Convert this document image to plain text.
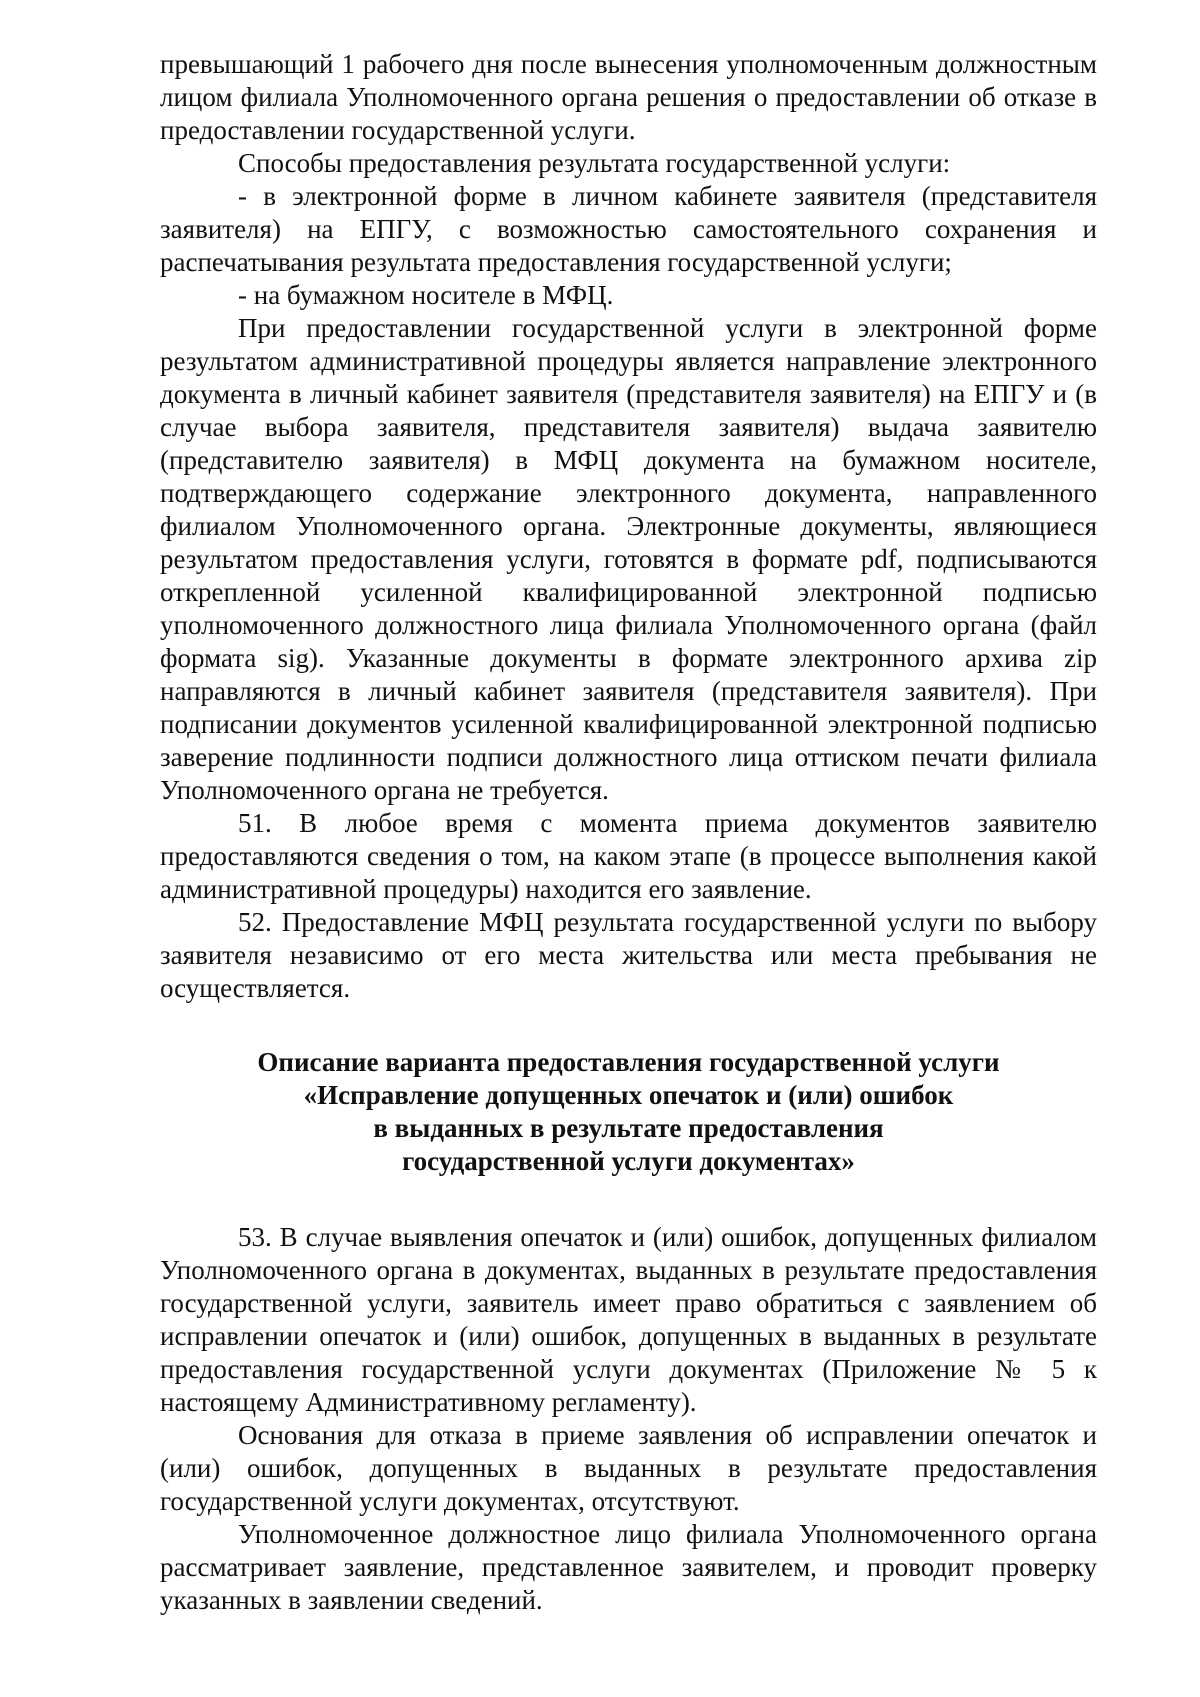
превышающий 1 рабочего дня после вынесения уполномоченным должностным лицом филиала Уполномоченного органа решения о предоставлении об отказе в предоставлении государственной услуги.

Способы предоставления результата государственной услуги:

- в электронной форме в личном кабинете заявителя (представителя заявителя) на ЕПГУ, с возможностью самостоятельного сохранения и распечатывания результата предоставления государственной услуги;

- на бумажном носителе в МФЦ.

При предоставлении государственной услуги в электронной форме результатом административной процедуры является направление электронного документа в личный кабинет заявителя (представителя заявителя) на ЕПГУ и (в случае выбора заявителя, представителя заявителя) выдача заявителю (представителю заявителя) в МФЦ документа на бумажном носителе, подтверждающего содержание электронного документа, направленного филиалом Уполномоченного органа. Электронные документы, являющиеся результатом предоставления услуги, готовятся в формате pdf, подписываются открепленной усиленной квалифицированной электронной подписью уполномоченного должностного лица филиала Уполномоченного органа (файл формата sig). Указанные документы в формате электронного архива zip направляются в личный кабинет заявителя (представителя заявителя). При подписании документов усиленной квалифицированной электронной подписью заверение подлинности подписи должностного лица оттиском печати филиала Уполномоченного органа не требуется.

51. В любое время с момента приема документов заявителю предоставляются сведения о том, на каком этапе (в процессе выполнения какой административной процедуры) находится его заявление.

52. Предоставление МФЦ результата государственной услуги по выбору заявителя независимо от его места жительства или места пребывания не осуществляется.

Описание варианта предоставления государственной услуги
«Исправление допущенных опечаток и (или) ошибок
в выданных в результате предоставления
государственной услуги документах»

53. В случае выявления опечаток и (или) ошибок, допущенных филиалом Уполномоченного органа в документах, выданных в результате предоставления государственной услуги, заявитель имеет право обратиться с заявлением об исправлении опечаток и (или) ошибок, допущенных в выданных в результате предоставления государственной услуги документах (Приложение № 5 к настоящему Административному регламенту).

Основания для отказа в приеме заявления об исправлении опечаток и (или) ошибок, допущенных в выданных в результате предоставления государственной услуги документах, отсутствуют.

Уполномоченное должностное лицо филиала Уполномоченного органа рассматривает заявление, представленное заявителем, и проводит проверку указанных в заявлении сведений.
